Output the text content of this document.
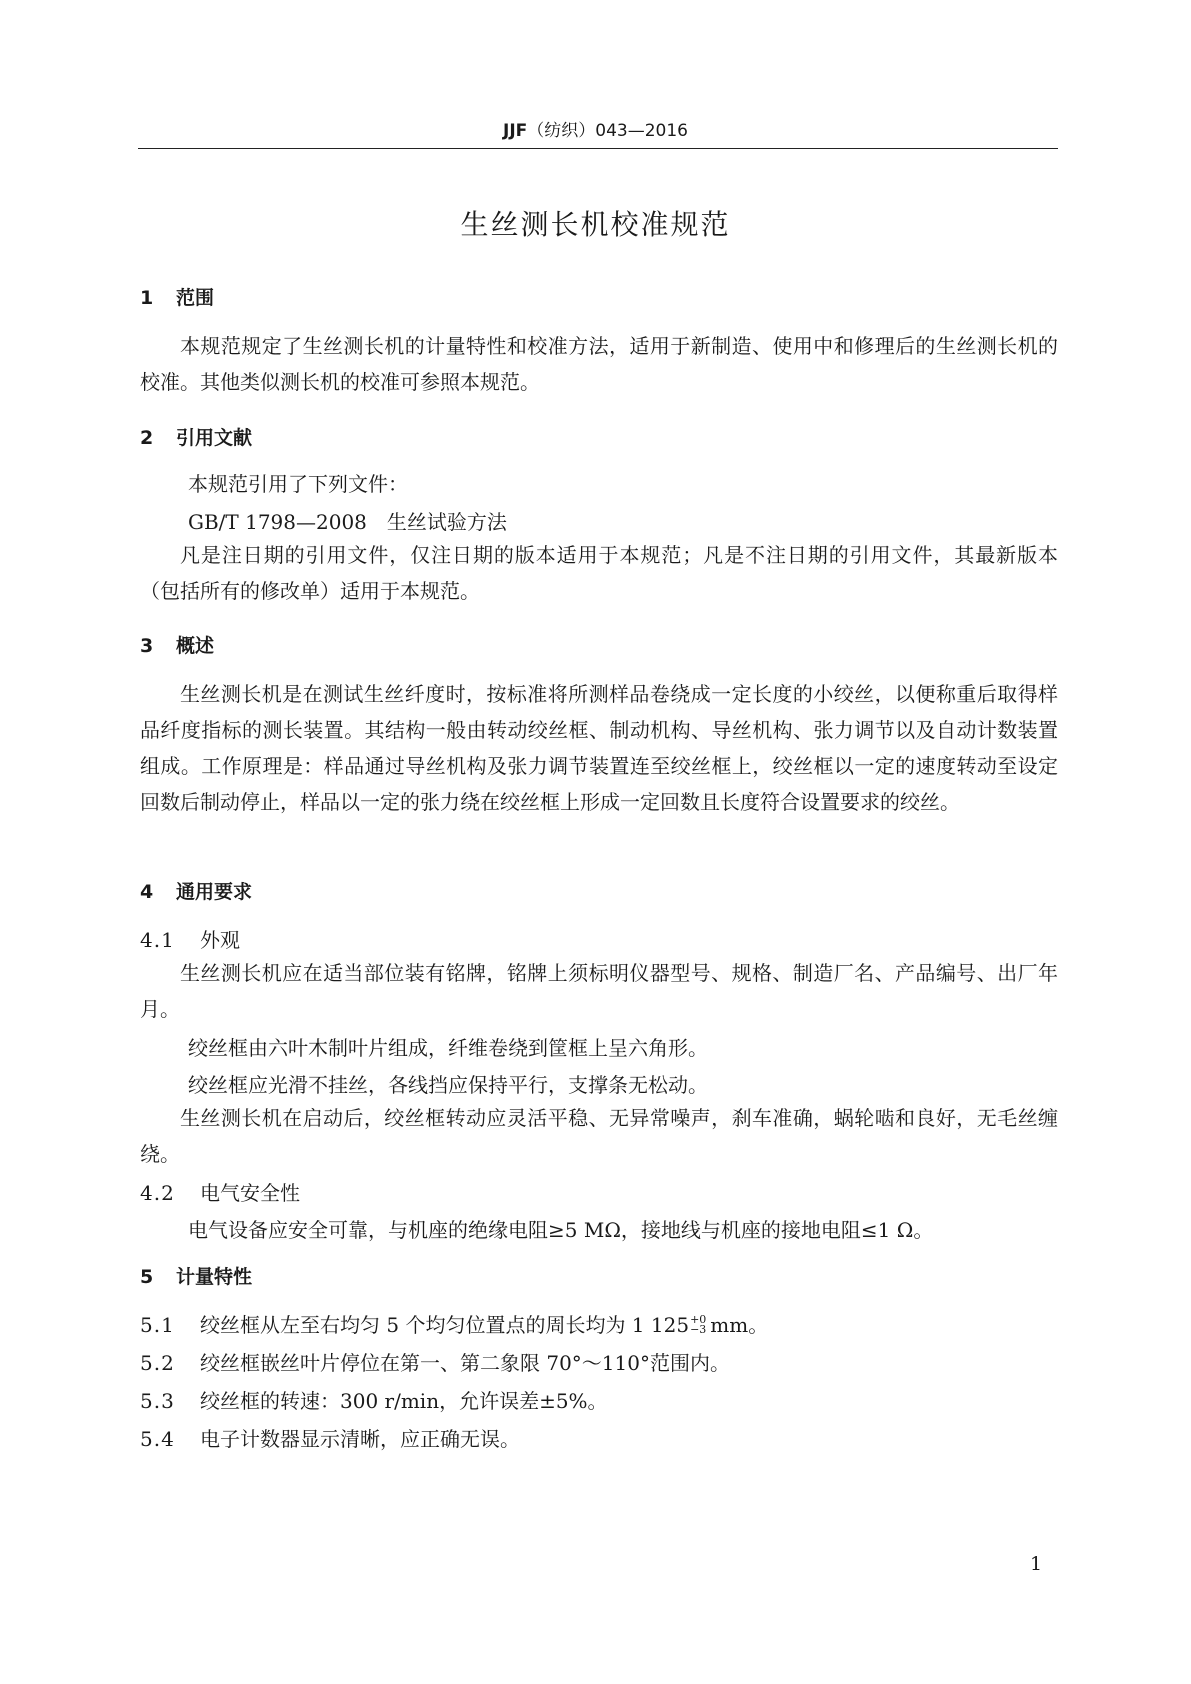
JJF（纺织）043—2016
生丝测长机校准规范
1 范围
本规范规定了生丝测长机的计量特性和校准方法，适用于新制造、使用中和修理后的生丝测长机的校准。其他类似测长机的校准可参照本规范。
2 引用文献
本规范引用了下列文件：
GB/T 1798—2008　生丝试验方法
凡是注日期的引用文件，仅注日期的版本适用于本规范；凡是不注日期的引用文件，其最新版本（包括所有的修改单）适用于本规范。
3 概述
生丝测长机是在测试生丝纤度时，按标准将所测样品卷绕成一定长度的小绞丝，以便称重后取得样品纤度指标的测长装置。其结构一般由转动绞丝框、制动机构、导丝机构、张力调节以及自动计数装置组成。工作原理是：样品通过导丝机构及张力调节装置连至绞丝框上，绞丝框以一定的速度转动至设定回数后制动停止，样品以一定的张力绕在绞丝框上形成一定回数且长度符合设置要求的绞丝。
4 通用要求
4.1 外观
生丝测长机应在适当部位装有铭牌，铭牌上须标明仪器型号、规格、制造厂名、产品编号、出厂年月。
绞丝框由六叶木制叶片组成，纤维卷绕到筐框上呈六角形。
绞丝框应光滑不挂丝，各线挡应保持平行，支撑条无松动。
生丝测长机在启动后，绞丝框转动应灵活平稳、无异常噪声，刹车准确，蜗轮啮和良好，无毛丝缠绕。
4.2 电气安全性
电气设备应安全可靠，与机座的绝缘电阻≥5 MΩ，接地线与机座的接地电阻≤1 Ω。
5 计量特性
5.1 绞丝框从左至右均匀 5 个均匀位置点的周长均为 1 125 +0
−3 mm。
5.2 绞丝框嵌丝叶片停位在第一、第二象限 70°～110°范围内。
5.3 绞丝框的转速：300 r/min，允许误差±5%。
5.4 电子计数器显示清晰，应正确无误。
1
